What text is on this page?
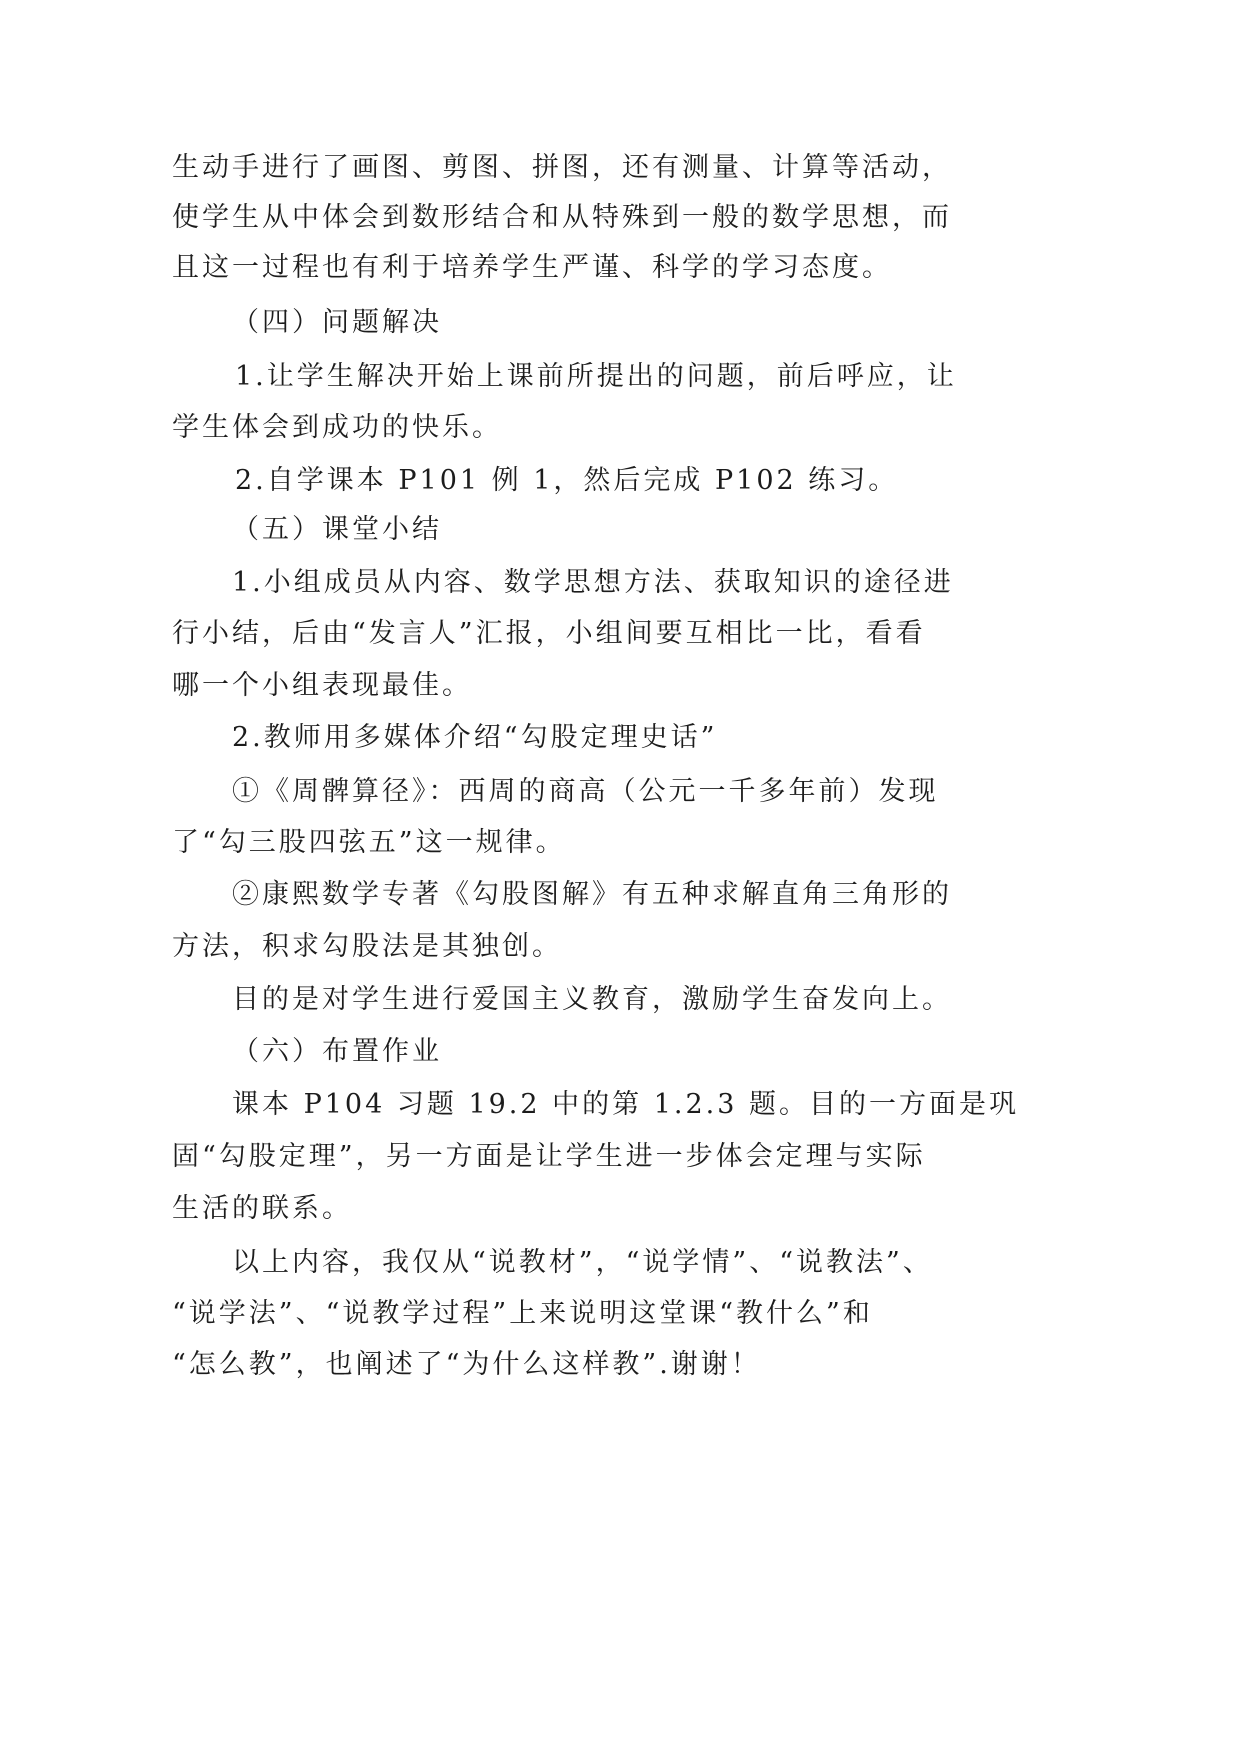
生动手进行了画图、剪图、拼图，还有测量、计算等活动，
使学生从中体会到数形结合和从特殊到一般的数学思想，而
且这一过程也有利于培养学生严谨、科学的学习态度。
（四）问题解决
1.让学生解决开始上课前所提出的问题，前后呼应，让
学生体会到成功的快乐。
2.自学课本 P101 例 1，然后完成 P102 练习。
（五）课堂小结
1.小组成员从内容、数学思想方法、获取知识的途径进
行小结，后由“发言人”汇报，小组间要互相比一比，看看
哪一个小组表现最佳。
2.教师用多媒体介绍“勾股定理史话”
①《周髀算径》：西周的商高（公元一千多年前）发现
了“勾三股四弦五”这一规律。
②康熙数学专著《勾股图解》有五种求解直角三角形的
方法，积求勾股法是其独创。
目的是对学生进行爱国主义教育，激励学生奋发向上。
（六）布置作业
课本 P104 习题 19.2 中的第 1.2.3 题。目的一方面是巩
固“勾股定理”，另一方面是让学生进一步体会定理与实际
生活的联系。
以上内容，我仅从“说教材”，“说学情”、“说教法”、
“说学法”、“说教学过程”上来说明这堂课“教什么”和
“怎么教”，也阐述了“为什么这样教”.谢谢！
